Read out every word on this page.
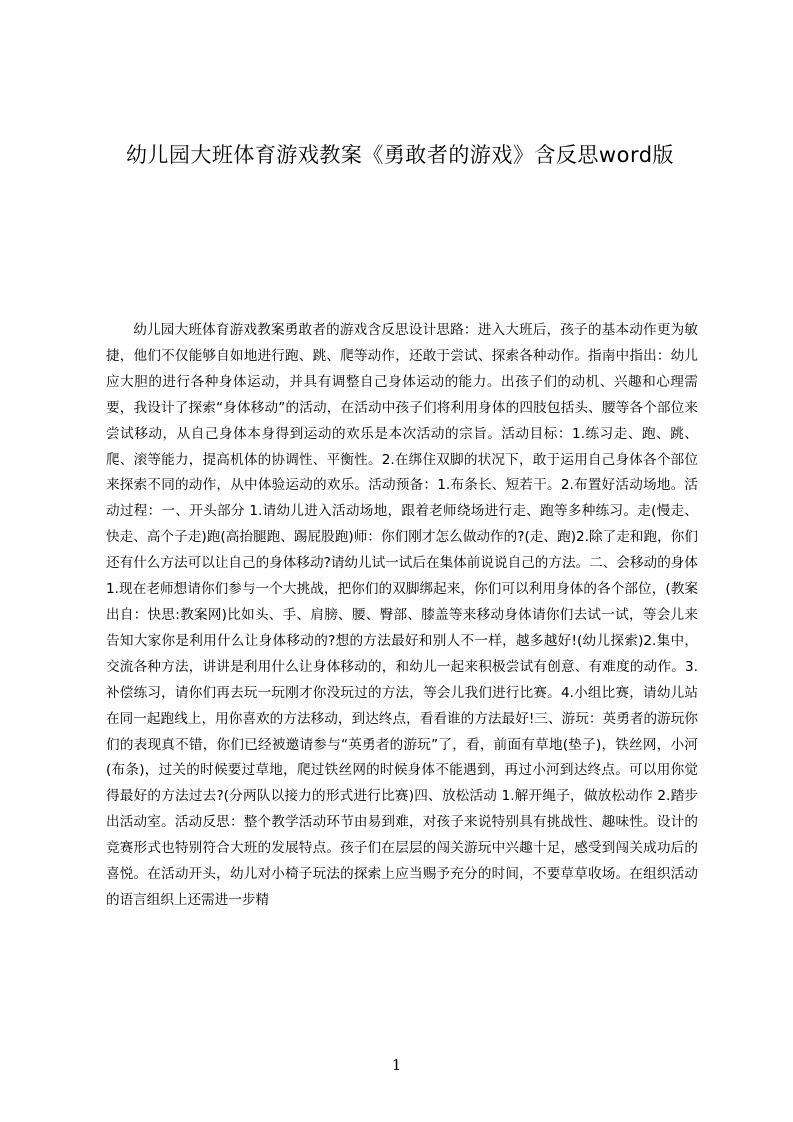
幼儿园大班体育游戏教案《勇敢者的游戏》含反思word版

幼儿园大班体育游戏教案勇敢者的游戏含反思设计思路：进入大班后，孩子的基本动作更为敏捷，他们不仅能够自如地进行跑、跳、爬等动作，还敢于尝试、探索各种动作。指南中指出：幼儿应大胆的进行各种身体运动，并具有调整自己身体运动的能力。出孩子们的动机、兴趣和心理需要，我设计了探索“身体移动”的活动，在活动中孩子们将利用身体的四肢包括头、腰等各个部位来尝试移动，从自己身体本身得到运动的欢乐是本次活动的宗旨。活动目标：1.练习走、跑、跳、爬、滚等能力，提高机体的协调性、平衡性。2.在绑住双脚的状况下，敢于运用自己身体各个部位来探索不同的动作，从中体验运动的欢乐。活动预备：1.布条长、短若干。2.布置好活动场地。活动过程：一、开头部分 1.请幼儿进入活动场地，跟着老师绕场进行走、跑等多种练习。走(慢走、快走、高个子走)跑(高抬腿跑、踢屁股跑)师：你们刚才怎么做动作的?(走、跑)2.除了走和跑，你们还有什么方法可以让自己的身体移动?请幼儿试一试后在集体前说说自己的方法。二、会移动的身体 1.现在老师想请你们参与一个大挑战，把你们的双脚绑起来，你们可以利用身体的各个部位，(教案出自：快思:教案网)比如头、手、肩膀、腰、臀部、膝盖等来移动身体请你们去试一试，等会儿来告知大家你是利用什么让身体移动的?想的方法最好和别人不一样，越多越好!(幼儿探索)2.集中，交流各种方法，讲讲是利用什么让身体移动的，和幼儿一起来积极尝试有创意、有难度的动作。3.补偿练习，请你们再去玩一玩刚才你没玩过的方法，等会儿我们进行比赛。4.小组比赛，请幼儿站在同一起跑线上，用你喜欢的方法移动，到达终点，看看谁的方法最好!三、游玩：英勇者的游玩你们的表现真不错，你们已经被邀请参与“英勇者的游玩”了，看，前面有草地(垫子)，铁丝网，小河(布条)，过关的时候要过草地，爬过铁丝网的时候身体不能遇到，再过小河到达终点。可以用你觉得最好的方法过去?(分两队以接力的形式进行比赛)四、放松活动 1.解开绳子，做放松动作 2.踏步出活动室。活动反思：整个教学活动环节由易到难，对孩子来说特别具有挑战性、趣味性。设计的竞赛形式也特别符合大班的发展特点。孩子们在层层的闯关游玩中兴趣十足，感受到闯关成功后的喜悦。在活动开头，幼儿对小椅子玩法的探索上应当赐予充分的时间，不要草草收场。在组织活动的语言组织上还需进一步精

1
